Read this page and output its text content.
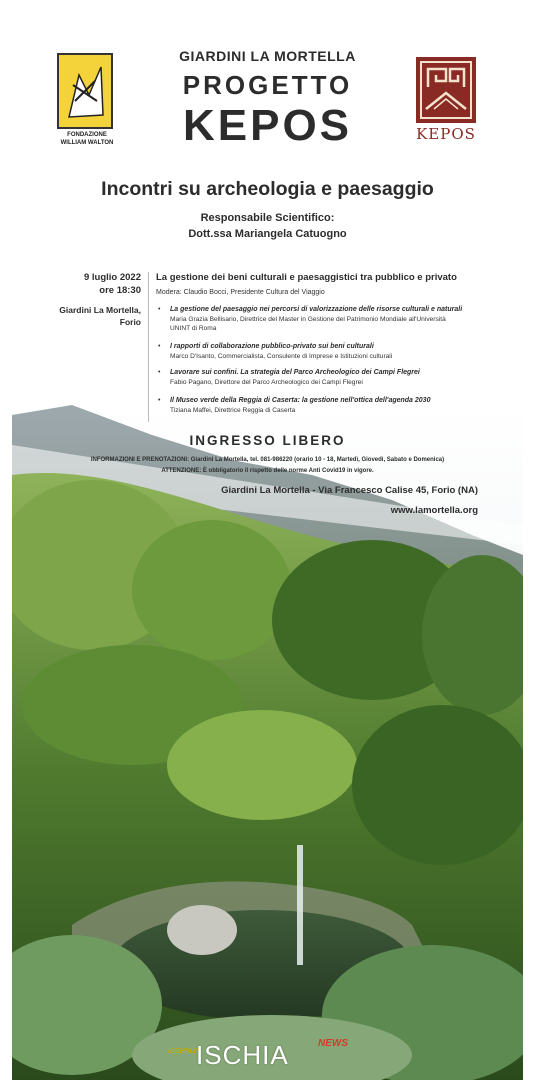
FONDAZIONE
WILLIAM WALTON	KEPOS
GIARDINI LA MORTELLA
PROGETTO
KEPOS
Incontri su archeologia e paesaggio
Responsabile Scientifico:
Dott.ssa Mariangela Catuogno
9 luglio 2022
ore 18:30
Giardini La Mortella,
Forio
La gestione dei beni culturali e paesaggistici tra pubblico e privato
Modera: Claudio Bocci, Presidente Cultura del Viaggio
• La gestione del paesaggio nei percorsi di valorizzazione delle risorse culturali e naturali
Maria Grazia Bellisario, Direttrice del Master in Gestione del Patrimonio Mondiale all'Università
UNINT di Roma
• I rapporti di collaborazione pubblico-privato sui beni culturali
Marco D'Isanto, Commercialista, Consulente di Imprese e Istituzioni culturali
• Lavorare sui confini. La strategia del Parco Archeologico dei Campi Flegrei
Fabio Pagano, Direttore del Parco Archeologico dei Campi Flegrei
• Il Museo verde della Reggia di Caserta: la gestione nell'ottica dell'agenda 2030
Tiziana Maffei, Direttrice Reggia di Caserta
INGRESSO LIBERO
INFORMAZIONI E PRENOTAZIONI: Giardini La Mortella, tel. 081-986220 (orario 10 - 18, Martedì, Giovedì, Sabato e Domenica)
ATTENZIONE: È obbligatorio il rispetto delle norme Anti Covid19 in vigore.
Giardini La Mortella - Via Francesco Calise 45, Forio (NA)
www.lamortella.org
ISCHIA.IT
ISCHIA	NEWS
